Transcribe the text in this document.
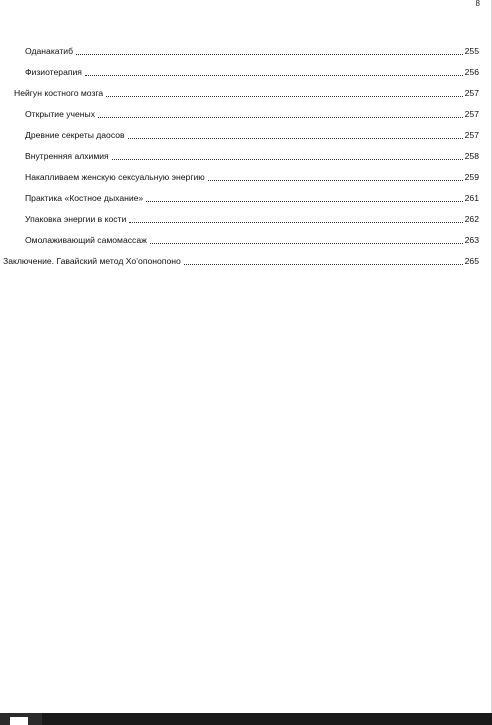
8
Оданакатиб	255
Физиотерапия	256
Нейгун костного мозга	257
Открытие ученых	257
Древние секреты даосов	257
Внутренняя алхимия	258
Накапливаем женскую сексуальную энергию	259
Практика «Костное дыхание»	261
Упаковка энергии в кости	262
Омолаживающий самомассаж	263
Заключение. Гавайский метод Хо’опонопоно	265
